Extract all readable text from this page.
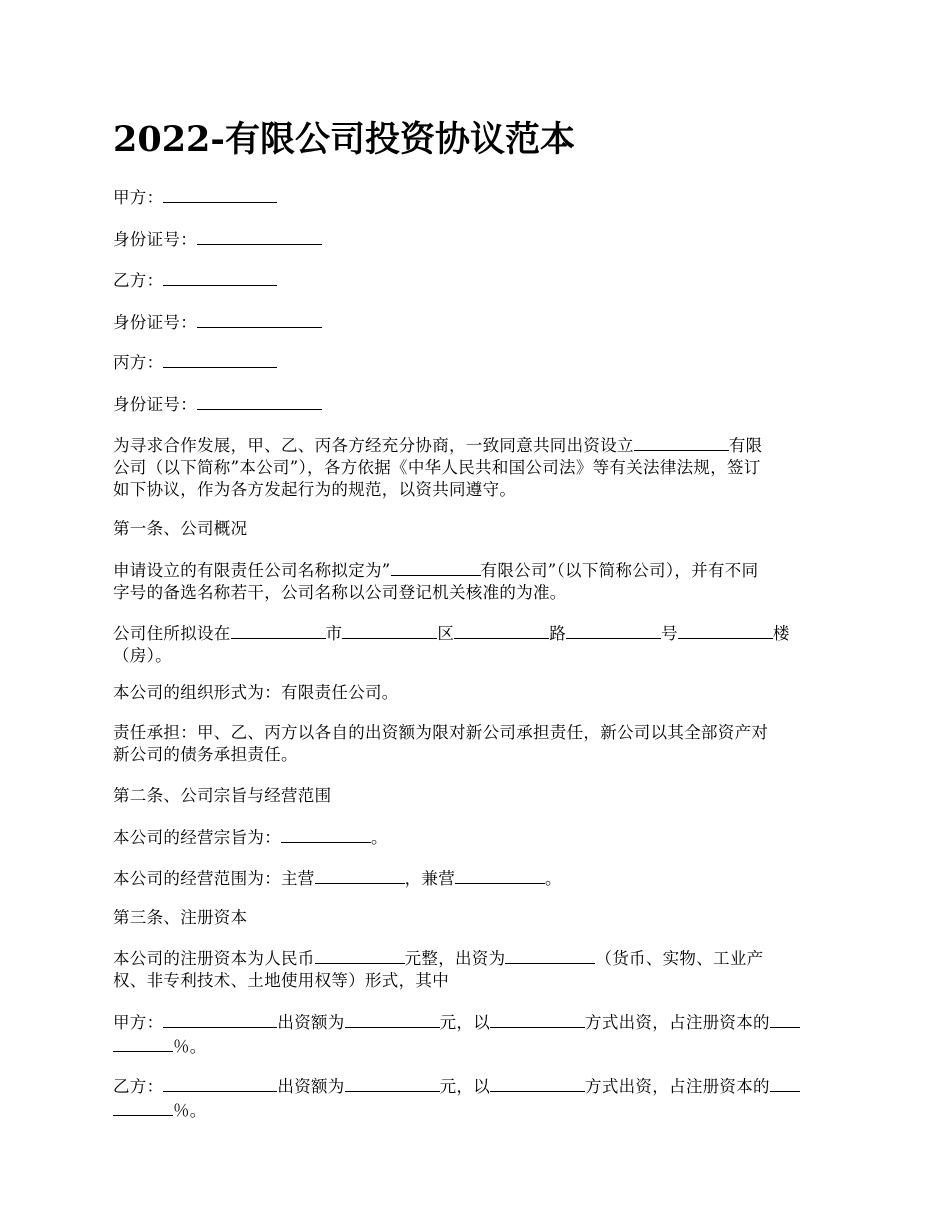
2022-有限公司投资协议范本

甲方：

身份证号：

乙方：

身份证号：

丙方：

身份证号：

为寻求合作发展，甲、乙、丙各方经充分协商，一致同意共同出资设立	有限
公司（以下简称”本公司”），各方依据《中华人民共和国公司法》等有关法律法规，签订
如下协议，作为各方发起行为的规范，以资共同遵守。

第一条、公司概况

申请设立的有限责任公司名称拟定为”	有限公司”（以下简称公司），并有不同
字号的备选名称若干，公司名称以公司登记机关核准的为准。
公司住所拟设在	市	区	路	号	楼
（房）。

本公司的组织形式为：有限责任公司。

责任承担：甲、乙、丙方以各自的出资额为限对新公司承担责任，新公司以其全部资产对
新公司的债务承担责任。

第二条、公司宗旨与经营范围

本公司的经营宗旨为：	。

本公司的经营范围为：主营	，兼营	。

第三条、注册资本

本公司的注册资本为人民币	元整，出资为	（货币、实物、工业产
权、非专利技术、土地使用权等）形式，其中
甲方：	出资额为	元，以	方式出资，占注册资本的
％。
乙方：	出资额为	元，以	方式出资，占注册资本的
％。
